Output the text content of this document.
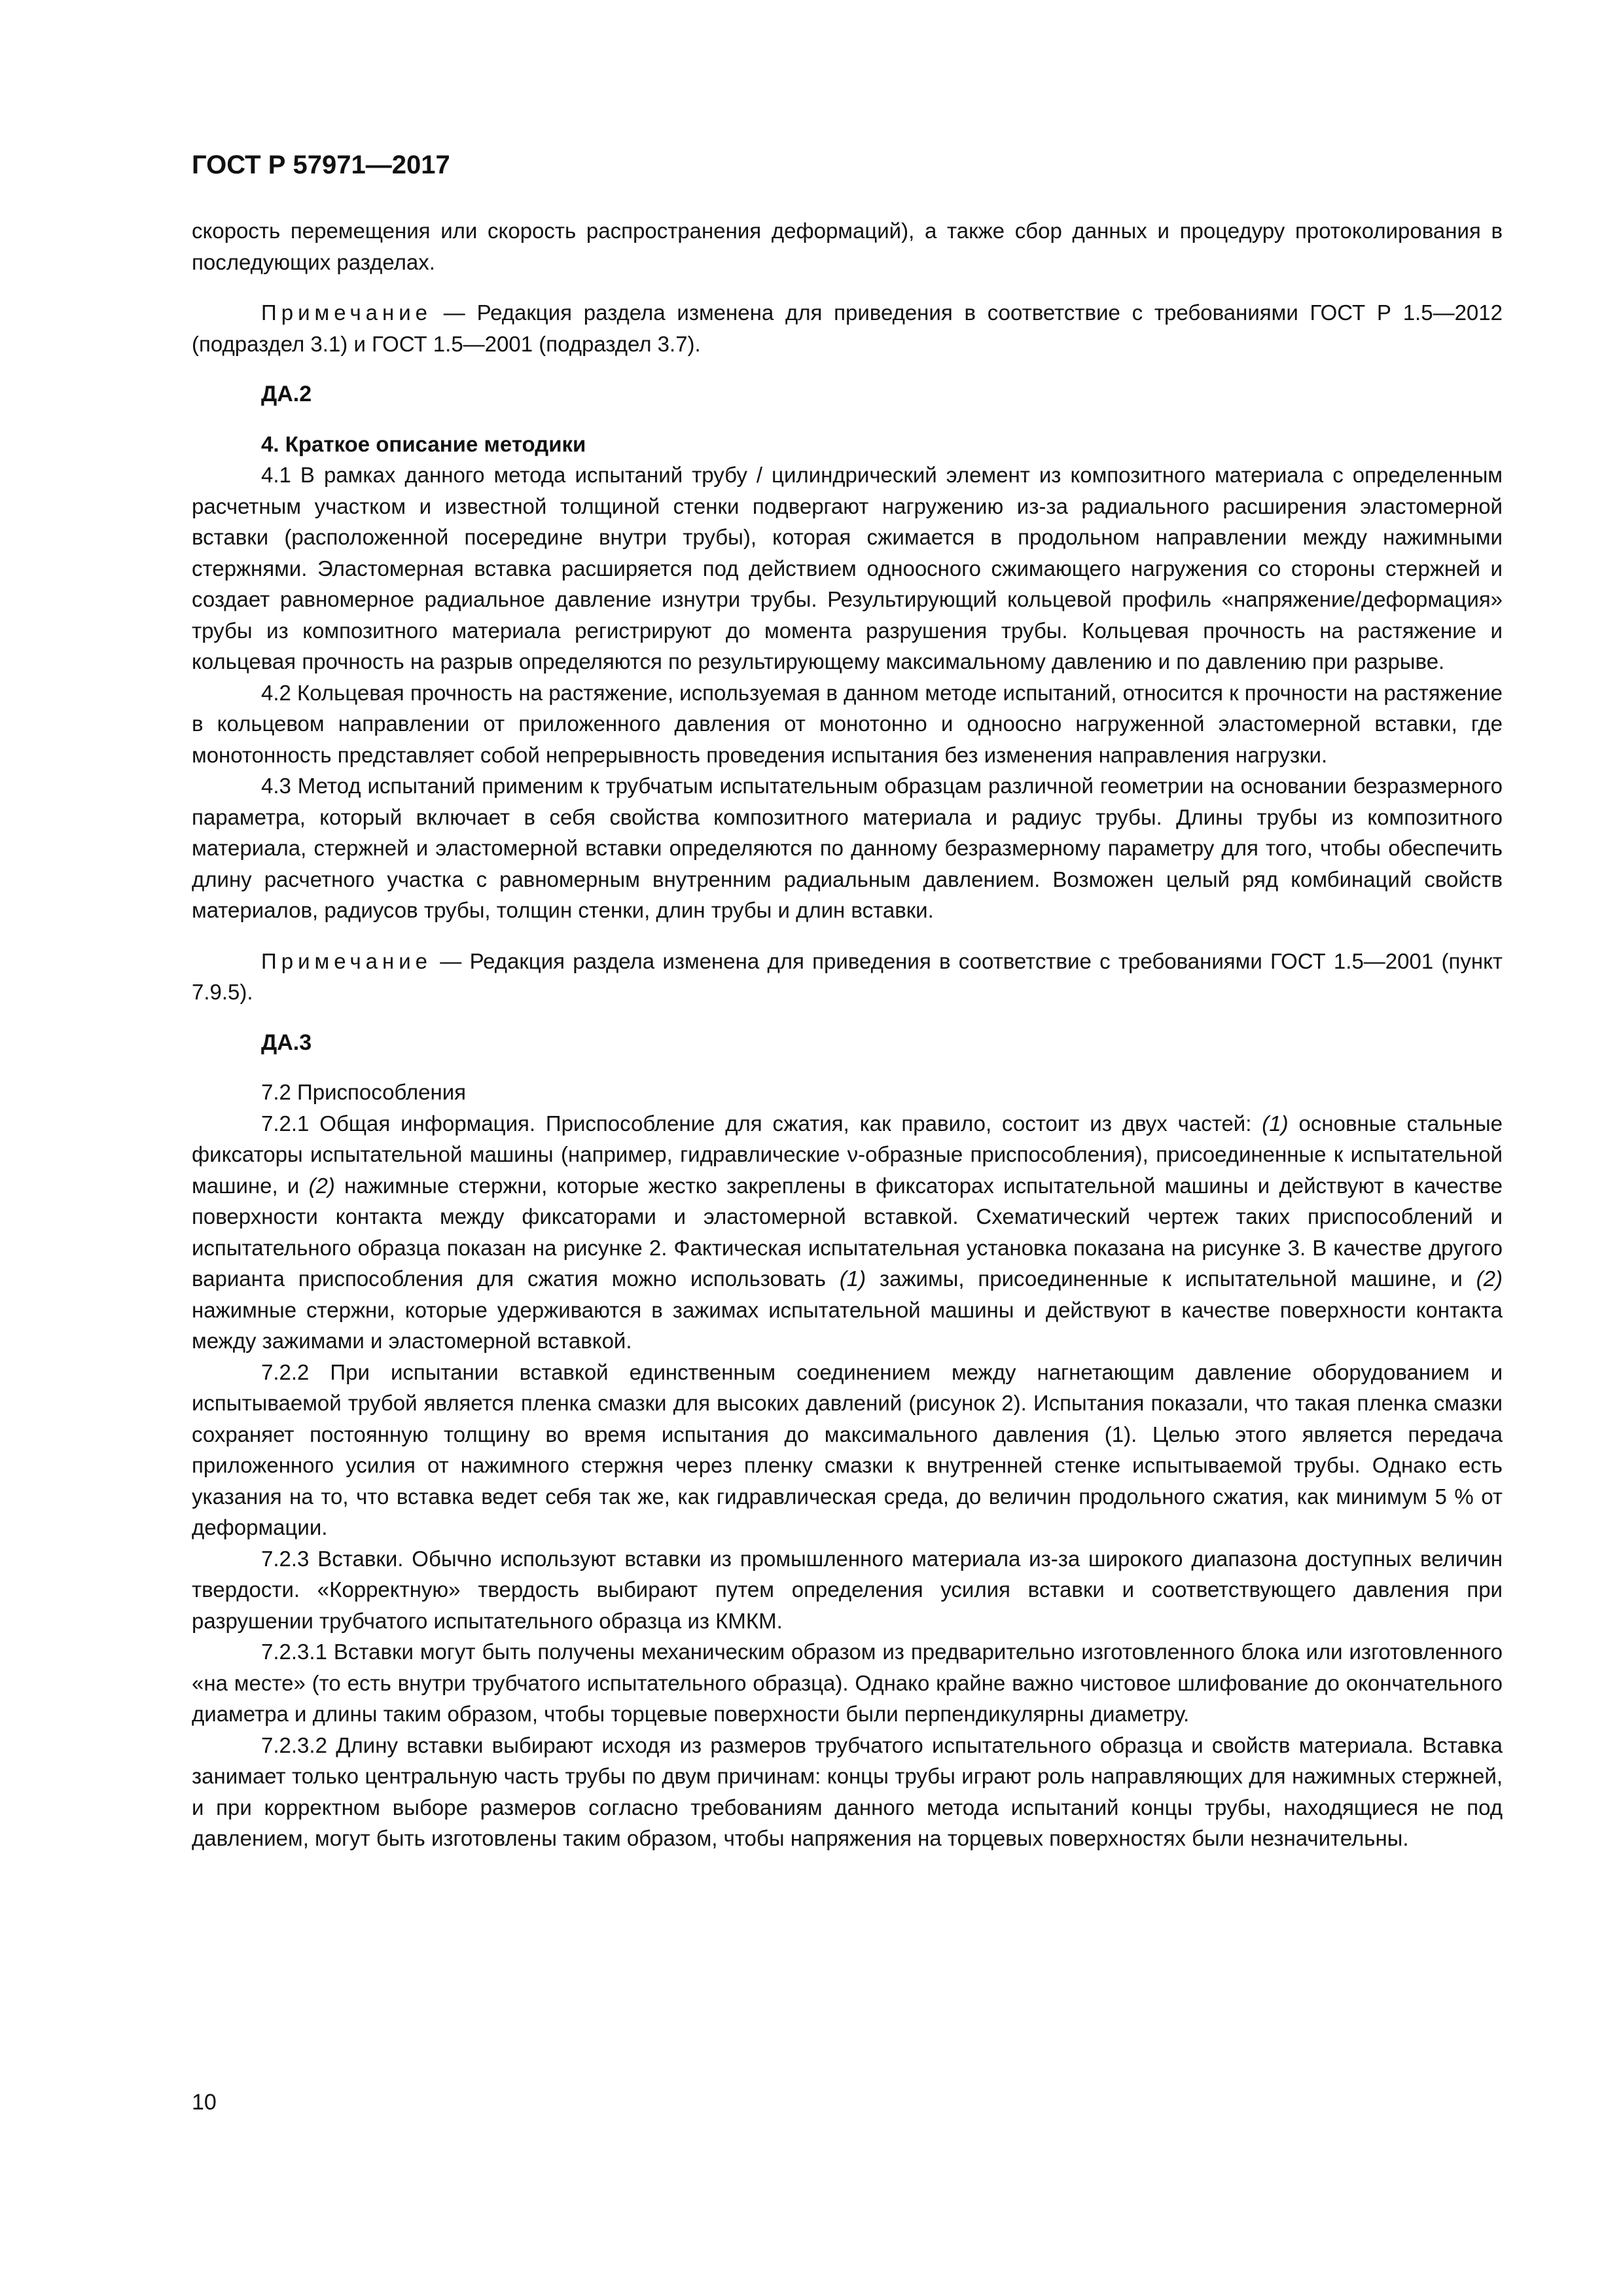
ГОСТ Р 57971—2017

скорость перемещения или скорость распространения деформаций), а также сбор данных и процедуру протоколирования в последующих разделах.

Примечание — Редакция раздела изменена для приведения в соответствие с требованиями ГОСТ Р 1.5—2012 (подраздел 3.1) и ГОСТ 1.5—2001 (подраздел 3.7).

ДА.2
4. Краткое описание методики

4.1 В рамках данного метода испытаний трубу / цилиндрический элемент из композитного материала с определенным расчетным участком и известной толщиной стенки подвергают нагружению из-за радиального расширения эластомерной вставки (расположенной посередине внутри трубы), которая сжимается в продольном направлении между нажимными стержнями. Эластомерная вставка расширяется под действием одноосного сжимающего нагружения со стороны стержней и создает равномерное радиальное давление изнутри трубы. Результирующий кольцевой профиль «напряжение/деформация» трубы из композитного материала регистрируют до момента разрушения трубы. Кольцевая прочность на растяжение и кольцевая прочность на разрыв определяются по результирующему максимальному давлению и по давлению при разрыве.

4.2 Кольцевая прочность на растяжение, используемая в данном методе испытаний, относится к прочности на растяжение в кольцевом направлении от приложенного давления от монотонно и одноосно нагруженной эластомерной вставки, где монотонность представляет собой непрерывность проведения испытания без изменения направления нагрузки.

4.3 Метод испытаний применим к трубчатым испытательным образцам различной геометрии на основании безразмерного параметра, который включает в себя свойства композитного материала и радиус трубы. Длины трубы из композитного материала, стержней и эластомерной вставки определяются по данному безразмерному параметру для того, чтобы обеспечить длину расчетного участка с равномерным внутренним радиальным давлением. Возможен целый ряд комбинаций свойств материалов, радиусов трубы, толщин стенки, длин трубы и длин вставки.

Примечание — Редакция раздела изменена для приведения в соответствие с требованиями ГОСТ 1.5—2001 (пункт 7.9.5).

ДА.3
7.2 Приспособления

7.2.1 Общая информация. Приспособление для сжатия, как правило, состоит из двух частей: (1) основные стальные фиксаторы испытательной машины (например, гидравлические ν-образные приспособления), присоединенные к испытательной машине, и (2) нажимные стержни, которые жестко закреплены в фиксаторах испытательной машины и действуют в качестве поверхности контакта между фиксаторами и эластомерной вставкой. Схематический чертеж таких приспособлений и испытательного образца показан на рисунке 2. Фактическая испытательная установка показана на рисунке 3. В качестве другого варианта приспособления для сжатия можно использовать (1) зажимы, присоединенные к испытательной машине, и (2) нажимные стержни, которые удерживаются в зажимах испытательной машины и действуют в качестве поверхности контакта между зажимами и эластомерной вставкой.

7.2.2 При испытании вставкой единственным соединением между нагнетающим давление оборудованием и испытываемой трубой является пленка смазки для высоких давлений (рисунок 2). Испытания показали, что такая пленка смазки сохраняет постоянную толщину во время испытания до максимального давления (1). Целью этого является передача приложенного усилия от нажимного стержня через пленку смазки к внутренней стенке испытываемой трубы. Однако есть указания на то, что вставка ведет себя так же, как гидравлическая среда, до величин продольного сжатия, как минимум 5 % от деформации.

7.2.3 Вставки. Обычно используют вставки из промышленного материала из-за широкого диапазона доступных величин твердости. «Корректную» твердость выбирают путем определения усилия вставки и соответствующего давления при разрушении трубчатого испытательного образца из КМКМ.

7.2.3.1 Вставки могут быть получены механическим образом из предварительно изготовленного блока или изготовленного «на месте» (то есть внутри трубчатого испытательного образца). Однако крайне важно чистовое шлифование до окончательного диаметра и длины таким образом, чтобы торцевые поверхности были перпендикулярны диаметру.

7.2.3.2 Длину вставки выбирают исходя из размеров трубчатого испытательного образца и свойств материала. Вставка занимает только центральную часть трубы по двум причинам: концы трубы играют роль направляющих для нажимных стержней, и при корректном выборе размеров согласно требованиям данного метода испытаний концы трубы, находящиеся не под давлением, могут быть изготовлены таким образом, чтобы напряжения на торцевых поверхностях были незначительны.

10
